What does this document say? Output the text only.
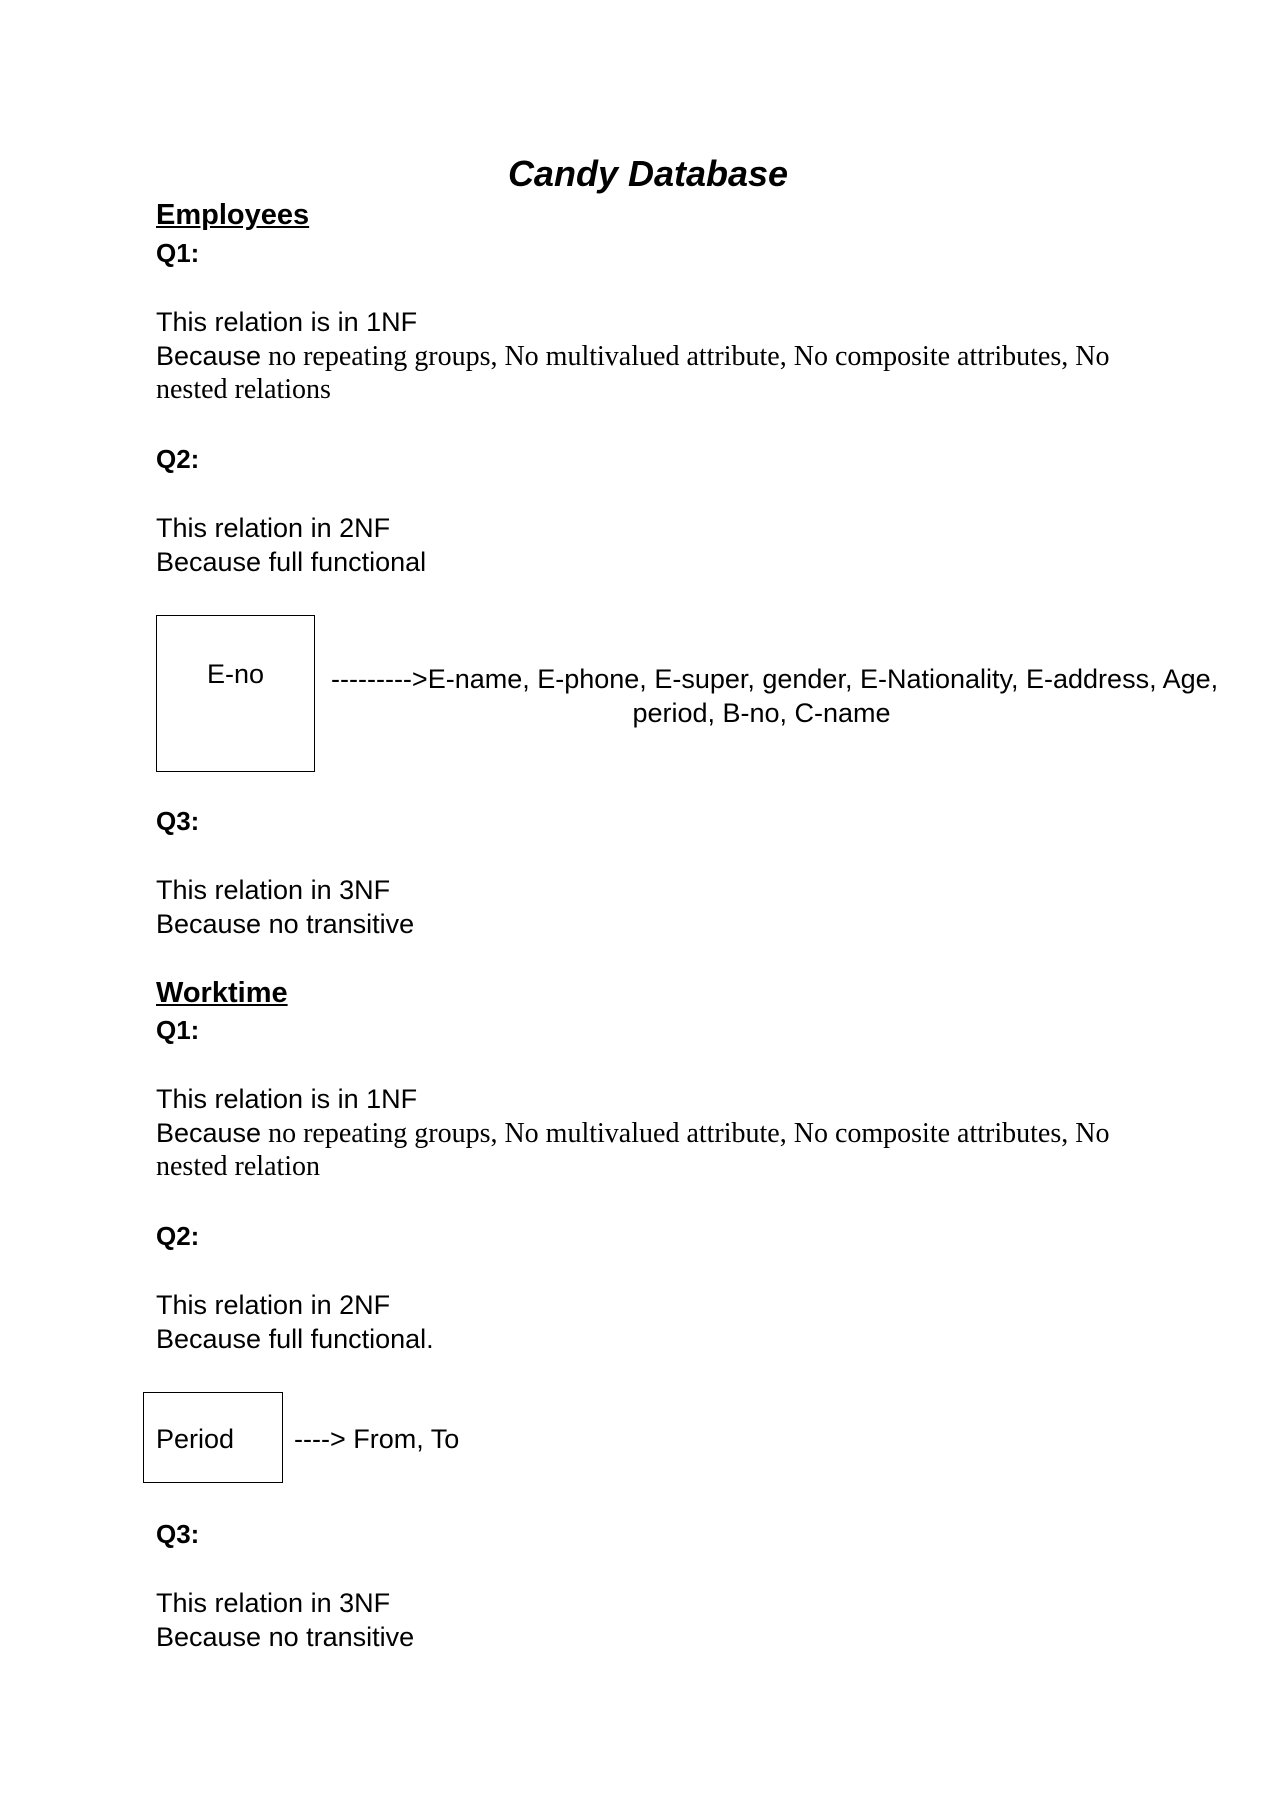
Candy Database
Employees
Q1:
This relation is in 1NF
Because no repeating groups, No multivalued attribute, No composite attributes, No
nested relations
Q2:
This relation in 2NF
Because full functional
E-no	--------->E-name, E-phone, E-super, gender, E-Nationality, E-address, Age,
period, B-no, C-name
Q3:
This relation in 3NF
Because no transitive
Worktime
Q1:
This relation is in 1NF
Because no repeating groups, No multivalued attribute, No composite attributes, No
nested relation
Q2:
This relation in 2NF
Because full functional.
Period ----> From, To
Q3:
This relation in 3NF
Because no transitive
